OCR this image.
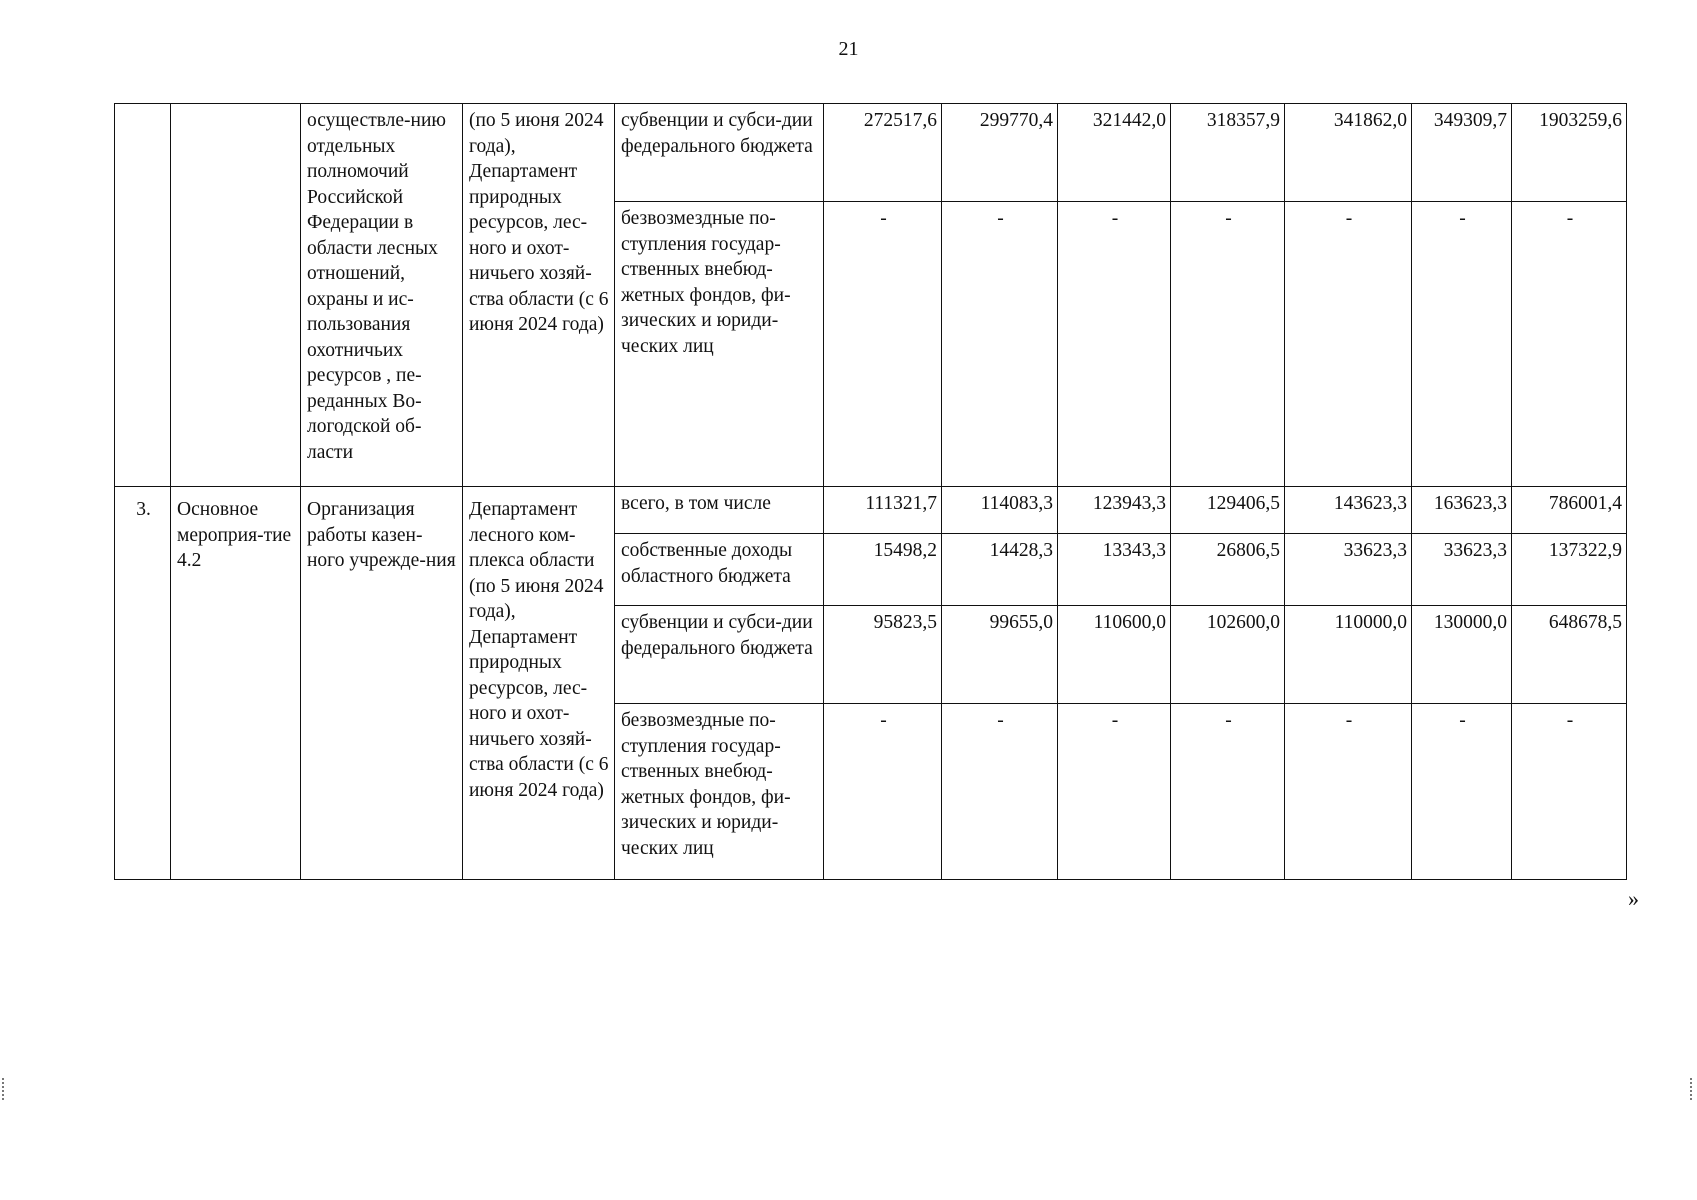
21
		осуществле-нию отдельных полномочий Российской Федерации в области лесных отношений, охраны и ис-пользования охотничьих ресурсов , пе-реданных Во-логодской об-ласти	(по 5 июня 2024 года), Департамент природных ресурсов, лес-ного и охот-ничьего хозяй-ства области (с 6 июня 2024 года)	субвенции и субси-дии федерального бюджета	272517,6	299770,4	321442,0	318357,9	341862,0	349309,7	1903259,6
				безвозмездные по-ступления государ-ственных внебюд-жетных фондов, фи-зических и юриди-ческих лиц	-	-	-	-	-	-	-
3.	Основное мероприя-тие 4.2	Организация работы казен-ного учрежде-ния	Департамент лесного ком-плекса области (по 5 июня 2024 года), Департамент природных ресурсов, лес-ного и охот-ничьего хозяй-ства области (с 6 июня 2024 года)	всего, в том числе	111321,7	114083,3	123943,3	129406,5	143623,3	163623,3	786001,4
				собственные доходы областного бюджета	15498,2	14428,3	13343,3	26806,5	33623,3	33623,3	137322,9
				субвенции и субси-дии федерального бюджета	95823,5	99655,0	110600,0	102600,0	110000,0	130000,0	648678,5
				безвозмездные по-ступления государ-ственных внебюд-жетных фондов, фи-зических и юриди-ческих лиц	-	-	-	-	-	-	-
»
